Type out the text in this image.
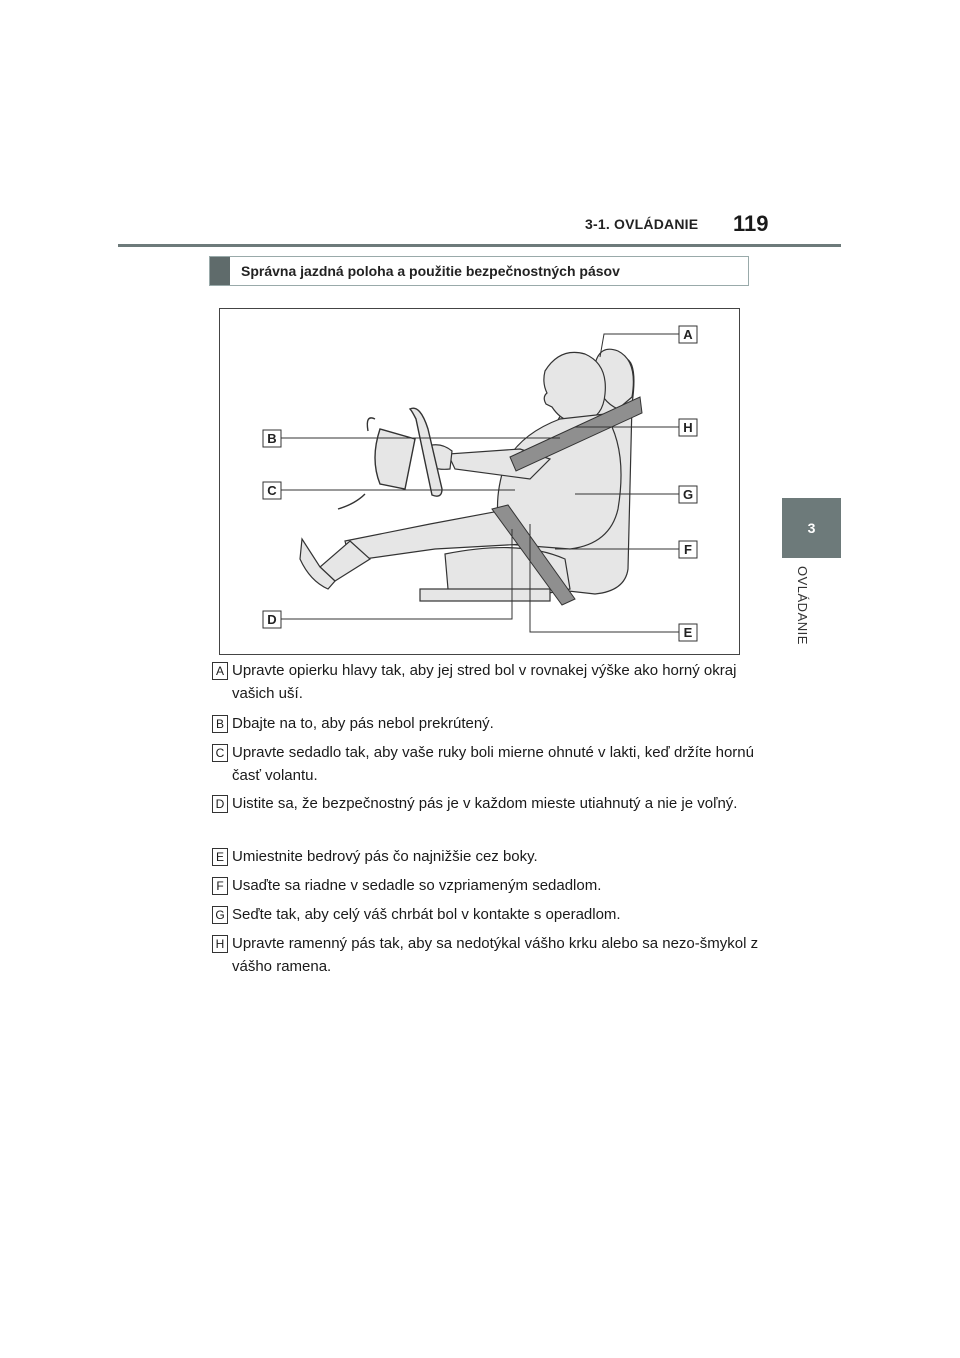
3-1. OVLÁDANIE 119
3
OVLÁDANIE
Správna jazdná poloha a použitie bezpečnostných pásov
A
B
C
D
E
F
G
H
A Upravte opierku hlavy tak, aby jej stred bol v rovnakej výške ako horný okraj vašich uší.
B Dbajte na to, aby pás nebol prekrútený.
C Upravte sedadlo tak, aby vaše ruky boli mierne ohnuté v lakti, keď držíte hornú časť volantu.
D Uistite sa, že bezpečnostný pás je v každom mieste utiahnutý a nie je voľný.
E Umiestnite bedrový pás čo najnižšie cez boky.
F Usaďte sa riadne v sedadle so vzpriameným sedadlom.
G Seďte tak, aby celý váš chrbát bol v kontakte s operadlom.
H Upravte ramenný pás tak, aby sa nedotýkal vášho krku alebo sa nezo-šmykol z vášho ramena.
